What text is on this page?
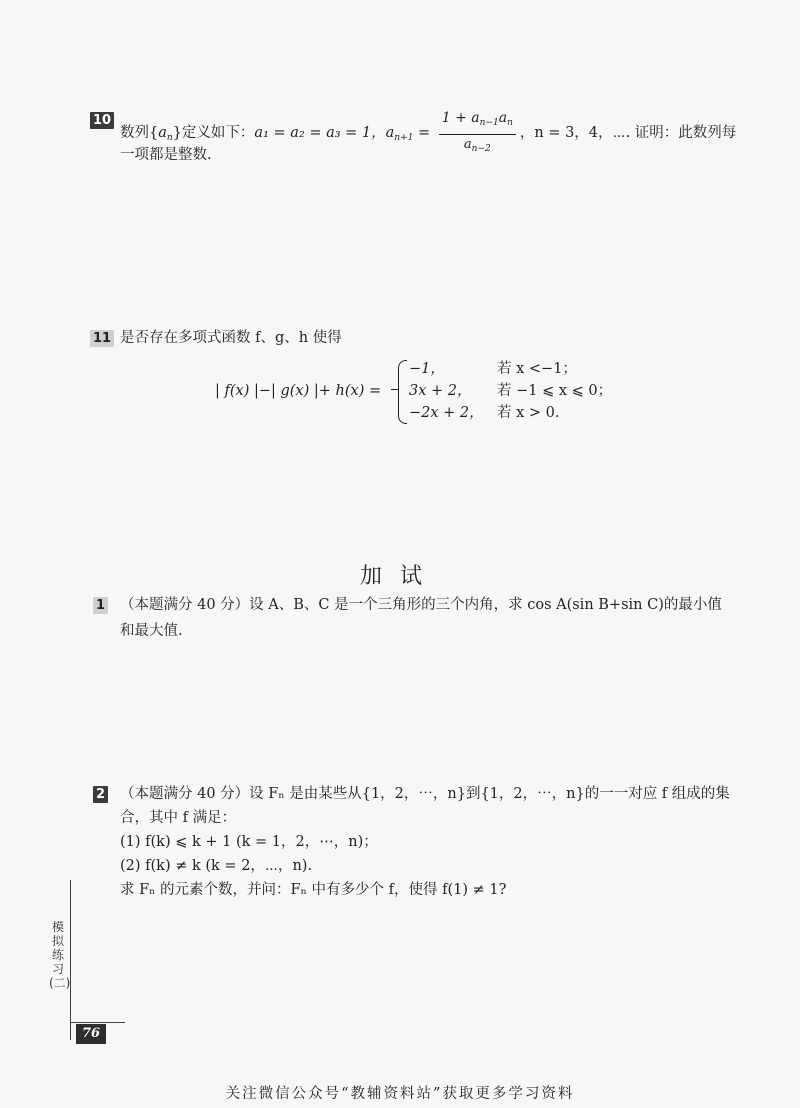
10
数列$\{a_n\}$定义如下：a₁ = a₂ = a₃ = 1，$a_{n+1} = \frac{1 + a_{n-1}a_n}{a_{n-2}}$ ，n = 3，4，⋯. 证明：此数列每
一项都是整数.
11 是否存在多项式函数 f、g、h 使得
| f(x) |−| g(x) |+ h(x) =
−1，	若 x <−1；
3x + 2， 若 −1 ⩽ x ⩽ 0；
−2x + 2， 若 x > 0.
加试
1 （本题满分 40 分）设 A、B、C 是一个三角形的三个内角，求 cos A(sin B+sin C)的最小值
和最大值.
2 （本题满分 40 分）设 Fₙ 是由某些从{1，2，⋯，n}到{1，2，⋯，n}的一一对应 f 组成的集
合，其中 f 满足：
(1) f(k) ⩽ k + 1 (k = 1，2，⋯，n)；
(2) f(k) ≠ k (k = 2，⋯，n).
求 Fₙ 的元素个数，并问：Fₙ 中有多少个 f，使得 f(1) ≠ 1?
模拟练习(二)
76
关注微信公众号“教辅资料站”获取更多学习资料
